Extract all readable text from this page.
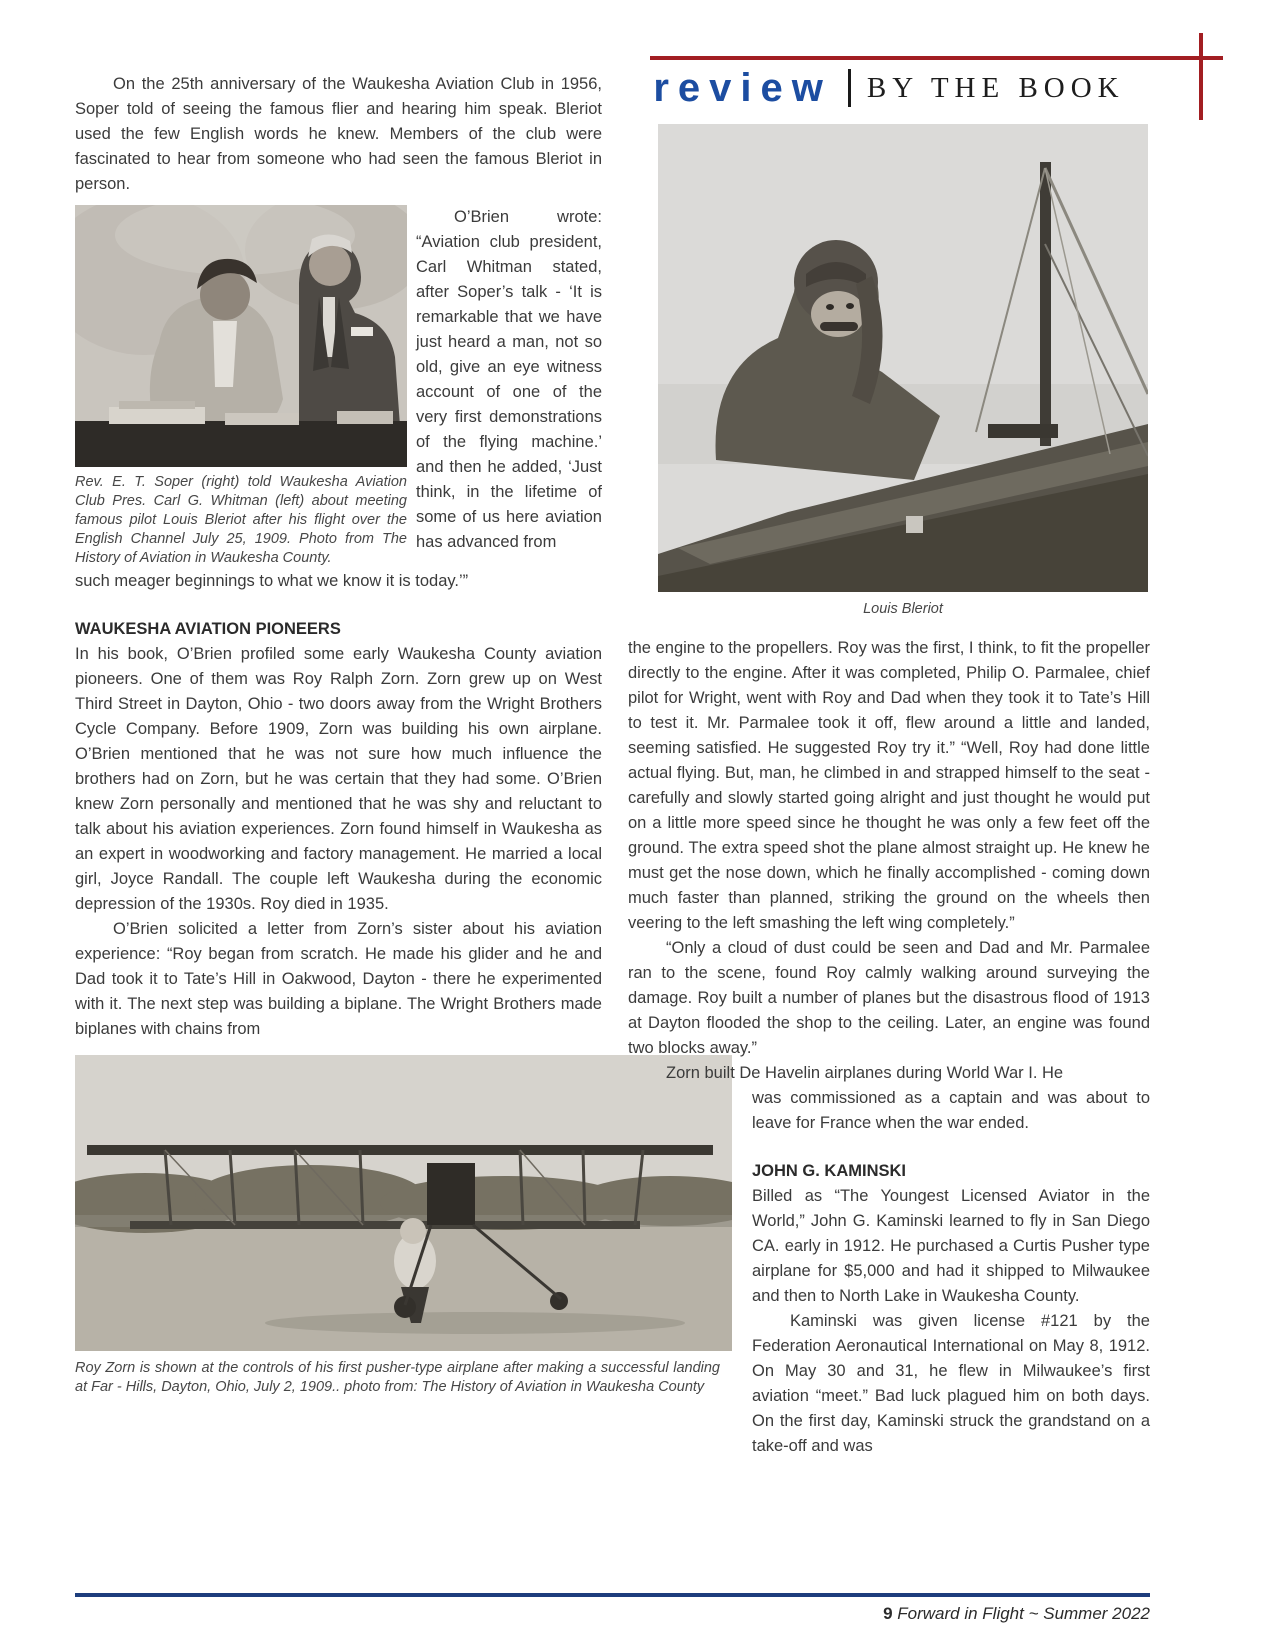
review BY THE BOOK

On the 25th anniversary of the Waukesha Aviation Club in 1956, Soper told of seeing the famous flier and hearing him speak. Bleriot used the few English words he knew. Members of the club were fascinated to hear from someone who had seen the famous Bleriot in person.

Rev. E. T. Soper (right) told Waukesha Aviation Club Pres. Carl G. Whitman (left) about meeting famous pilot Louis Bleriot after his flight over the English Channel July 25, 1909. Photo from The History of Aviation in Waukesha County.

O’Brien wrote: “Aviation club president, Carl Whitman stated, after Soper’s talk - ‘It is remarkable that we have just heard a man, not so old, give an eye witness account of one of the very first demonstrations of the flying machine.’ and then he added, ‘Just think, in the lifetime of some of us here aviation has advanced from

such meager beginnings to what we know it is today.’”

WAUKESHA AVIATION PIONEERS

In his book, O’Brien profiled some early Waukesha County aviation pioneers. One of them was Roy Ralph Zorn. Zorn grew up on West Third Street in Dayton, Ohio - two doors away from the Wright Brothers Cycle Company. Before 1909, Zorn was building his own airplane. O’Brien mentioned that he was not sure how much influence the brothers had on Zorn, but he was certain that they had some. O’Brien knew Zorn personally and mentioned that he was shy and reluctant to talk about his aviation experiences. Zorn found himself in Waukesha as an expert in woodworking and factory management. He married a local girl, Joyce Randall. The couple left Waukesha during the economic depression of the 1930s. Roy died in 1935.

O’Brien solicited a letter from Zorn’s sister about his aviation experience: “Roy began from scratch. He made his glider and he and Dad took it to Tate’s Hill in Oakwood, Dayton - there he experimented with it. The next step was building a biplane. The Wright Brothers made biplanes with chains from

Roy Zorn is shown at the controls of his first pusher-type airplane after making a successful landing at Far - Hills, Dayton, Ohio, July 2, 1909.. photo from: The History of Aviation in Waukesha County
Louis Bleriot

the engine to the propellers. Roy was the first, I think, to fit the propeller directly to the engine. After it was completed, Philip O. Parmalee, chief pilot for Wright, went with Roy and Dad when they took it to Tate’s Hill to test it. Mr. Parmalee took it off, flew around a little and landed, seeming satisfied. He suggested Roy try it.” “Well, Roy had done little actual flying. But, man, he climbed in and strapped himself to the seat - carefully and slowly started going alright and just thought he would put on a little more speed since he thought he was only a few feet off the ground. The extra speed shot the plane almost straight up. He knew he must get the nose down, which he finally accomplished - coming down much faster than planned, striking the ground on the wheels then veering to the left smashing the left wing completely.”

“Only a cloud of dust could be seen and Dad and Mr. Parmalee ran to the scene, found Roy calmly walking around surveying the damage. Roy built a number of planes but the disastrous flood of 1913 at Dayton flooded the shop to the ceiling. Later, an engine was found two blocks away.”

Zorn built De Havelin airplanes during World War I. He

was commissioned as a captain and was about to leave for France when the war ended.

JOHN G. KAMINSKI

Billed as “The Youngest Licensed Aviator in the World,” John G. Kaminski learned to fly in San Diego CA. early in 1912. He purchased a Curtis Pusher type airplane for $5,000 and had it shipped to Milwaukee and then to North Lake in Waukesha County.

Kaminski was given license #121 by the Federation Aeronautical International on May 8, 1912. On May 30 and 31, he flew in Milwaukee’s first aviation “meet.” Bad luck plagued him on both days. On the first day, Kaminski struck the grandstand on a take-off and was

9 Forward in Flight ~ Summer 2022
